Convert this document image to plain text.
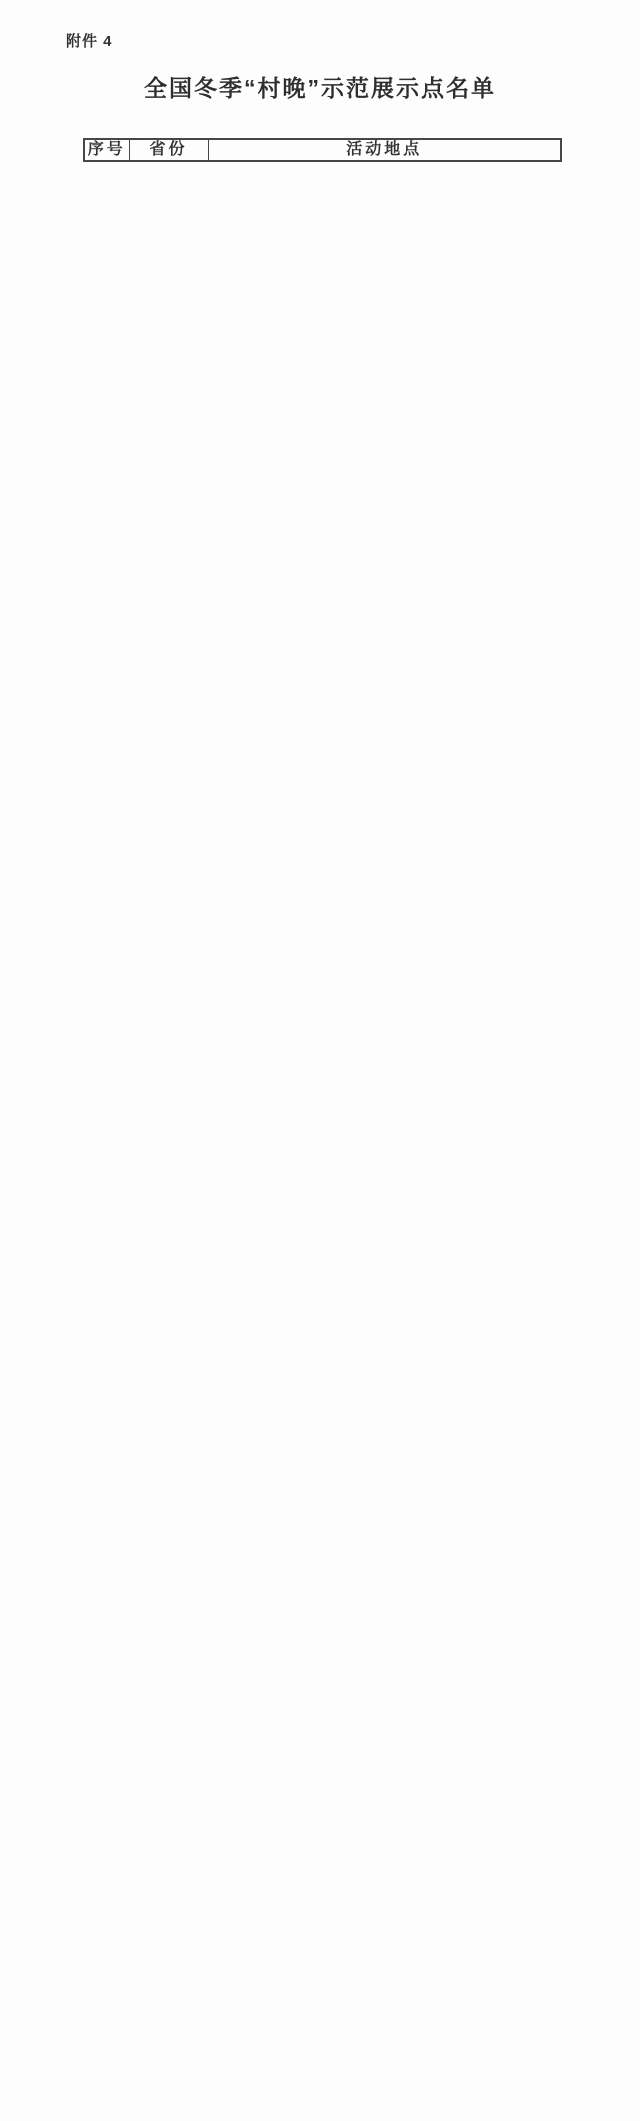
附件 4
全国冬季“村晚”示范展示点名单
序号	省份	活动地点
